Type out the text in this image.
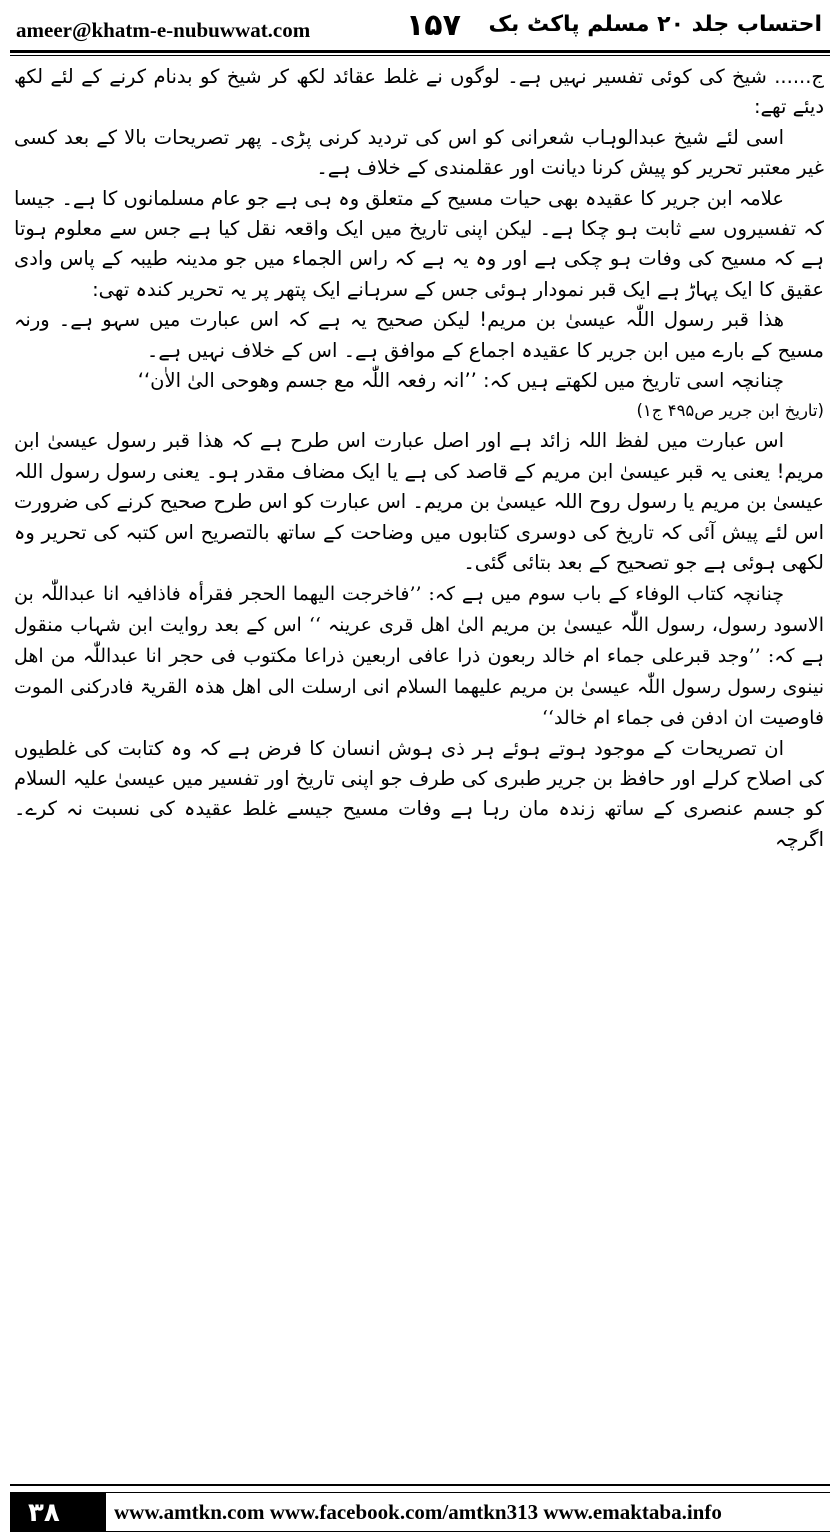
ameer@khatm-e-nubuwwat.com	۱۵۷ احتساب جلد ۲۰ مسلم پاکٹ بک

ج...... شیخ کی کوئی تفسیر نہیں ہے۔ لوگوں نے غلط عقائد لکھ کر شیخ کو بدنام کرنے کے لئے لکھ دیئے تھے:

اسی لئے شیخ عبدالوہاب شعرانی کو اس کی تردید کرنی پڑی۔ پھر تصریحات بالا کے بعد کسی غیر معتبر تحریر کو پیش کرنا دیانت اور عقلمندی کے خلاف ہے۔

علامہ ابن جریر کا عقیدہ بھی حیات مسیح کے متعلق وہ ہی ہے جو عام مسلمانوں کا ہے۔ جیسا کہ تفسیروں سے ثابت ہو چکا ہے۔ لیکن اپنی تاریخ میں ایک واقعہ نقل کیا ہے جس سے معلوم ہوتا ہے کہ مسیح کی وفات ہو چکی ہے اور وہ یہ ہے کہ راس الجماء میں جو مدینہ طیبہ کے پاس وادی عقیق کا ایک پہاڑ ہے ایک قبر نمودار ہوئی جس کے سرہانے ایک پتھر پر یہ تحریر کندہ تھی:

ھذا قبر رسول اللّٰہ عیسیٰ بن مریم! لیکن صحیح یہ ہے کہ اس عبارت میں سہو ہے۔ ورنہ مسیح کے بارے میں ابن جریر کا عقیدہ اجماع کے موافق ہے۔ اس کے خلاف نہیں ہے۔

چنانچہ اسی تاریخ میں لکھتے ہیں کہ: ’’انہ رفعہ اللّٰہ مع جسم وھوحی الیٰ الاٰن‘‘

(تاریخ ابن جریر ص۴۹۵ ج۱)

اس عبارت میں لفظ اللہ زائد ہے اور اصل عبارت اس طرح ہے کہ ھذا قبر رسول عیسیٰ ابن مریم! یعنی یہ قبر عیسیٰ ابن مریم کے قاصد کی ہے یا ایک مضاف مقدر ہو۔ یعنی رسول رسول اللہ عیسیٰ بن مریم یا رسول روح اللہ عیسیٰ بن مریم۔ اس عبارت کو اس طرح صحیح کرنے کی ضرورت اس لئے پیش آئی کہ تاریخ کی دوسری کتابوں میں وضاحت کے ساتھ بالتصریح اس کتبہ کی تحریر وہ لکھی ہوئی ہے جو تصحیح کے بعد بتائی گئی۔

چنانچہ کتاب الوفاء کے باب سوم میں ہے کہ: ’’فاخرجت الیھما الحجر فقرأہ فاذافیہ انا عبداللّٰہ بن الاسود رسول، رسول اللّٰہ عیسیٰ بن مریم الیٰ اھل قری عرینہ ‘‘ اس کے بعد روایت ابن شہاب منقول ہے کہ: ’’وجد قبرعلی جماء ام خالد ربعون ذرا عافی اربعین ذراعا مکتوب فی حجر انا عبداللّٰہ من اھل نینوی رسول رسول اللّٰہ عیسیٰ بن مریم علیھما السلام انی ارسلت الی اھل ھذہ القریۃ فادرکنی الموت فاوصیت ان ادفن فی جماء ام خالد‘‘

ان تصریحات کے موجود ہوتے ہوئے ہر ذی ہوش انسان کا فرض ہے کہ وہ کتابت کی غلطیوں کی اصلاح کرلے اور حافظ بن جریر طبری کی طرف جو اپنی تاریخ اور تفسیر میں عیسیٰ علیہ السلام کو جسم عنصری کے ساتھ زندہ مان رہا ہے وفات مسیح جیسے غلط عقیدہ کی نسبت نہ کرے۔ اگرچہ

۳۸	www.amtkn.com www.facebook.com/amtkn313 www.emaktaba.info
